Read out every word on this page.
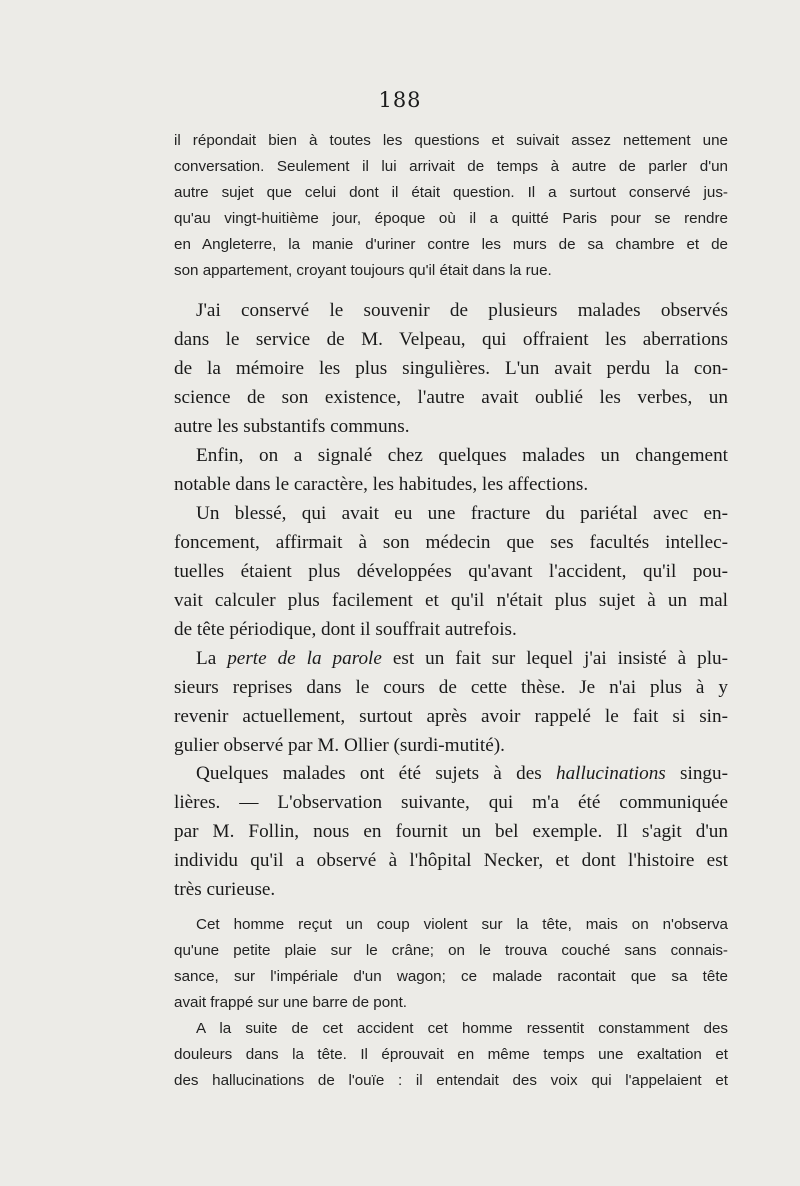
188
il répondait bien à toutes les questions et suivait assez nettement une
conversation. Seulement il lui arrivait de temps à autre de parler d'un
autre sujet que celui dont il était question. Il a surtout conservé jus-
qu'au vingt-huitième jour, époque où il a quitté Paris pour se rendre
en Angleterre, la manie d'uriner contre les murs de sa chambre et de
son appartement, croyant toujours qu'il était dans la rue.
J'ai conservé le souvenir de plusieurs malades observés
dans le service de M. Velpeau, qui offraient les aberrations
de la mémoire les plus singulières. L'un avait perdu la con-
science de son existence, l'autre avait oublié les verbes, un
autre les substantifs communs.
Enfin, on a signalé chez quelques malades un changement
notable dans le caractère, les habitudes, les affections.
Un blessé, qui avait eu une fracture du pariétal avec en-
foncement, affirmait à son médecin que ses facultés intellec-
tuelles étaient plus développées qu'avant l'accident, qu'il pou-
vait calculer plus facilement et qu'il n'était plus sujet à un mal
de tête périodique, dont il souffrait autrefois.
La perte de la parole est un fait sur lequel j'ai insisté à plu-
sieurs reprises dans le cours de cette thèse. Je n'ai plus à y
revenir actuellement, surtout après avoir rappelé le fait si sin-
gulier observé par M. Ollier (surdi-mutité).
Quelques malades ont été sujets à des hallucinations singu-
lières. — L'observation suivante, qui m'a été communiquée
par M. Follin, nous en fournit un bel exemple. Il s'agit d'un
individu qu'il a observé à l'hôpital Necker, et dont l'histoire est
très curieuse.
Cet homme reçut un coup violent sur la tête, mais on n'observa
qu'une petite plaie sur le crâne; on le trouva couché sans connais-
sance, sur l'impériale d'un wagon; ce malade racontait que sa tête
avait frappé sur une barre de pont.
A la suite de cet accident cet homme ressentit constamment des
douleurs dans la tête. Il éprouvait en même temps une exaltation et
des hallucinations de l'ouïe : il entendait des voix qui l'appelaient et
